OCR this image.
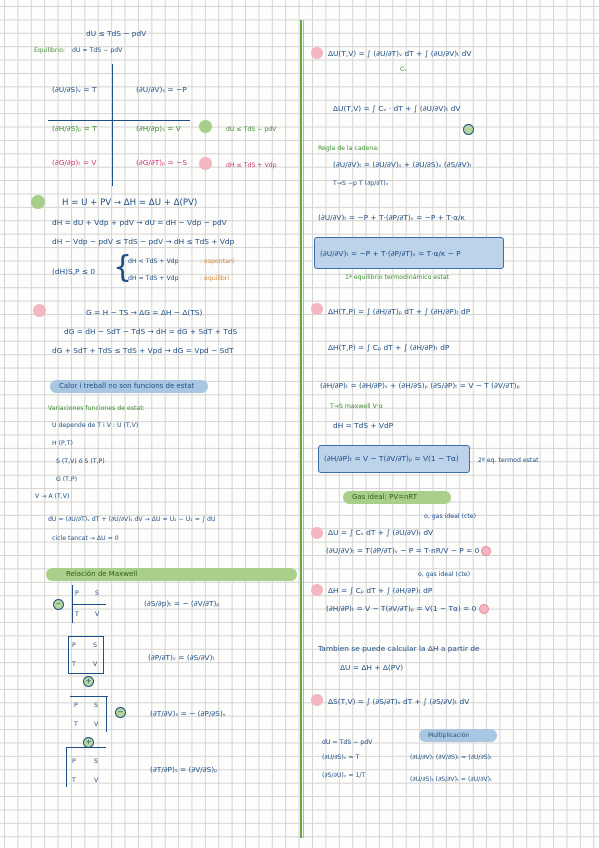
dU ≤ TdS − pdV
Equilibrio: dU = TdS − pdV
(∂U/∂S)ᵥ = T	(∂U/∂V)ₛ = −P
(∂H/∂S)ₚ = T	(∂H/∂p)ₛ = V	dU ≤ TdS − pdV
(∂G/∂p)ₜ = V	(∂G/∂T)ₚ = −S	dH ≤ TdS + Vdp
H = U + PV → ΔH = ΔU + Δ(PV)
dH = dU + Vdp + pdV → dU = dH − Vdp − pdV
dH − Vdp − pdV ≤ TdS − pdV → dH ≤ TdS + Vdp
(dH)S,P ≤ 0 {
dH < TdS + Vdp	: espontani
dH = TdS + Vdp	: equilibri
G = H − TS → ΔG = ΔH − Δ(TS)
dG = dH − SdT − TdS → dH = dG + SdT + TdS
dG + SdT + TdS ≤ TdS + Vpd → dG = Vpd − SdT
Calor i treball no son funcions de estat
Variaciones funciones de estat:
U depende de T i V : U (T,V)
H (P,T)
S (T,V) ó S (T,P)
G (T,P)
V → A (T,V)
dU = (∂U/∂T)ᵥ dT + (∂U/∂V)ₜ dV → ΔU = U₂ − U₁ = ∫ dU
cicle tancat → ΔU = 0
Relación de Maxwell
P	S
T	V
−	(∂S/∂p)ₜ = − (∂V/∂T)ₚ
P	S
T	V
+
(∂P/∂T)ᵥ = (∂S/∂V)ₜ
P	S
T	V
−	(∂T/∂V)ₛ = − (∂P/∂S)ᵥ
+
P	S
T	V
(∂T/∂P)ₛ = (∂V/∂S)ₚ
ΔU(T,V) = ∫ (∂U/∂T)ᵥ dT + ∫ (∂U/∂V)ₜ dV
Cᵥ
ΔU(T,V) = ∫ Cᵥ · dT + ∫ (∂U/∂V)ₜ dV
Regla de la cadena:
(∂U/∂V)ₜ = (∂U/∂V)ₛ + (∂U/∂S)ᵥ (∂S/∂V)ₜ
T→S −p T (∂p/∂T)ᵥ
(∂U/∂V)ₜ = −P + T·(∂P/∂T)ᵥ = −P + T·α/κ
(∂U/∂V)ₜ = −P + T·(∂P/∂T)ᵥ = T·α/κ − P
1ª equilibrio termodinámico estat
ΔH(T,P) = ∫ (∂H/∂T)ₚ dT + ∫ (∂H/∂P)ₜ dP
ΔH(T,P) = ∫ Cₚ dT + ∫ (∂H/∂P)ₜ dP
(∂H/∂P)ₜ = (∂H/∂P)ₛ + (∂H/∂S)ₚ (∂S/∂P)ₜ = V − T (∂V/∂T)ₚ
T→S maxwell V·α
dH = TdS + VdP
(∂H/∂P)ₜ = V − T(∂V/∂T)ₚ = V(1 − Tα)	2ª eq. termod estat
Gas ideal: PV=nRT
o, gas ideal (cte)
ΔU = ∫ Cᵥ dT + ∫ (∂U/∂V)ₜ dV
(∂U/∂V)ₜ = T(∂P/∂T)ᵥ − P = T·nR/V − P = 0
o, gas ideal (cte)
ΔH = ∫ Cₚ dT + ∫ (∂H/∂P)ₜ dP
(∂H/∂P)ₜ = V − T(∂V/∂T)ₚ = V(1 − Tα) = 0
Tambien se puede calcular la ΔH a partir de
ΔU = ΔH + Δ(PV)
ΔS(T,V) = ∫ (∂S/∂T)ᵥ dT + ∫ (∂S/∂V)ₜ dV
Multiplicación
dU = TdS − pdV
(∂U/∂S)ᵥ = T
(∂S/∂U)ᵥ = 1/T
(∂U/∂V)ₜ (∂V/∂S)ₜ = (∂U/∂S)ₜ
(∂U/∂S)ₜ (∂S/∂V)ₜ = (∂U/∂V)ₜ
